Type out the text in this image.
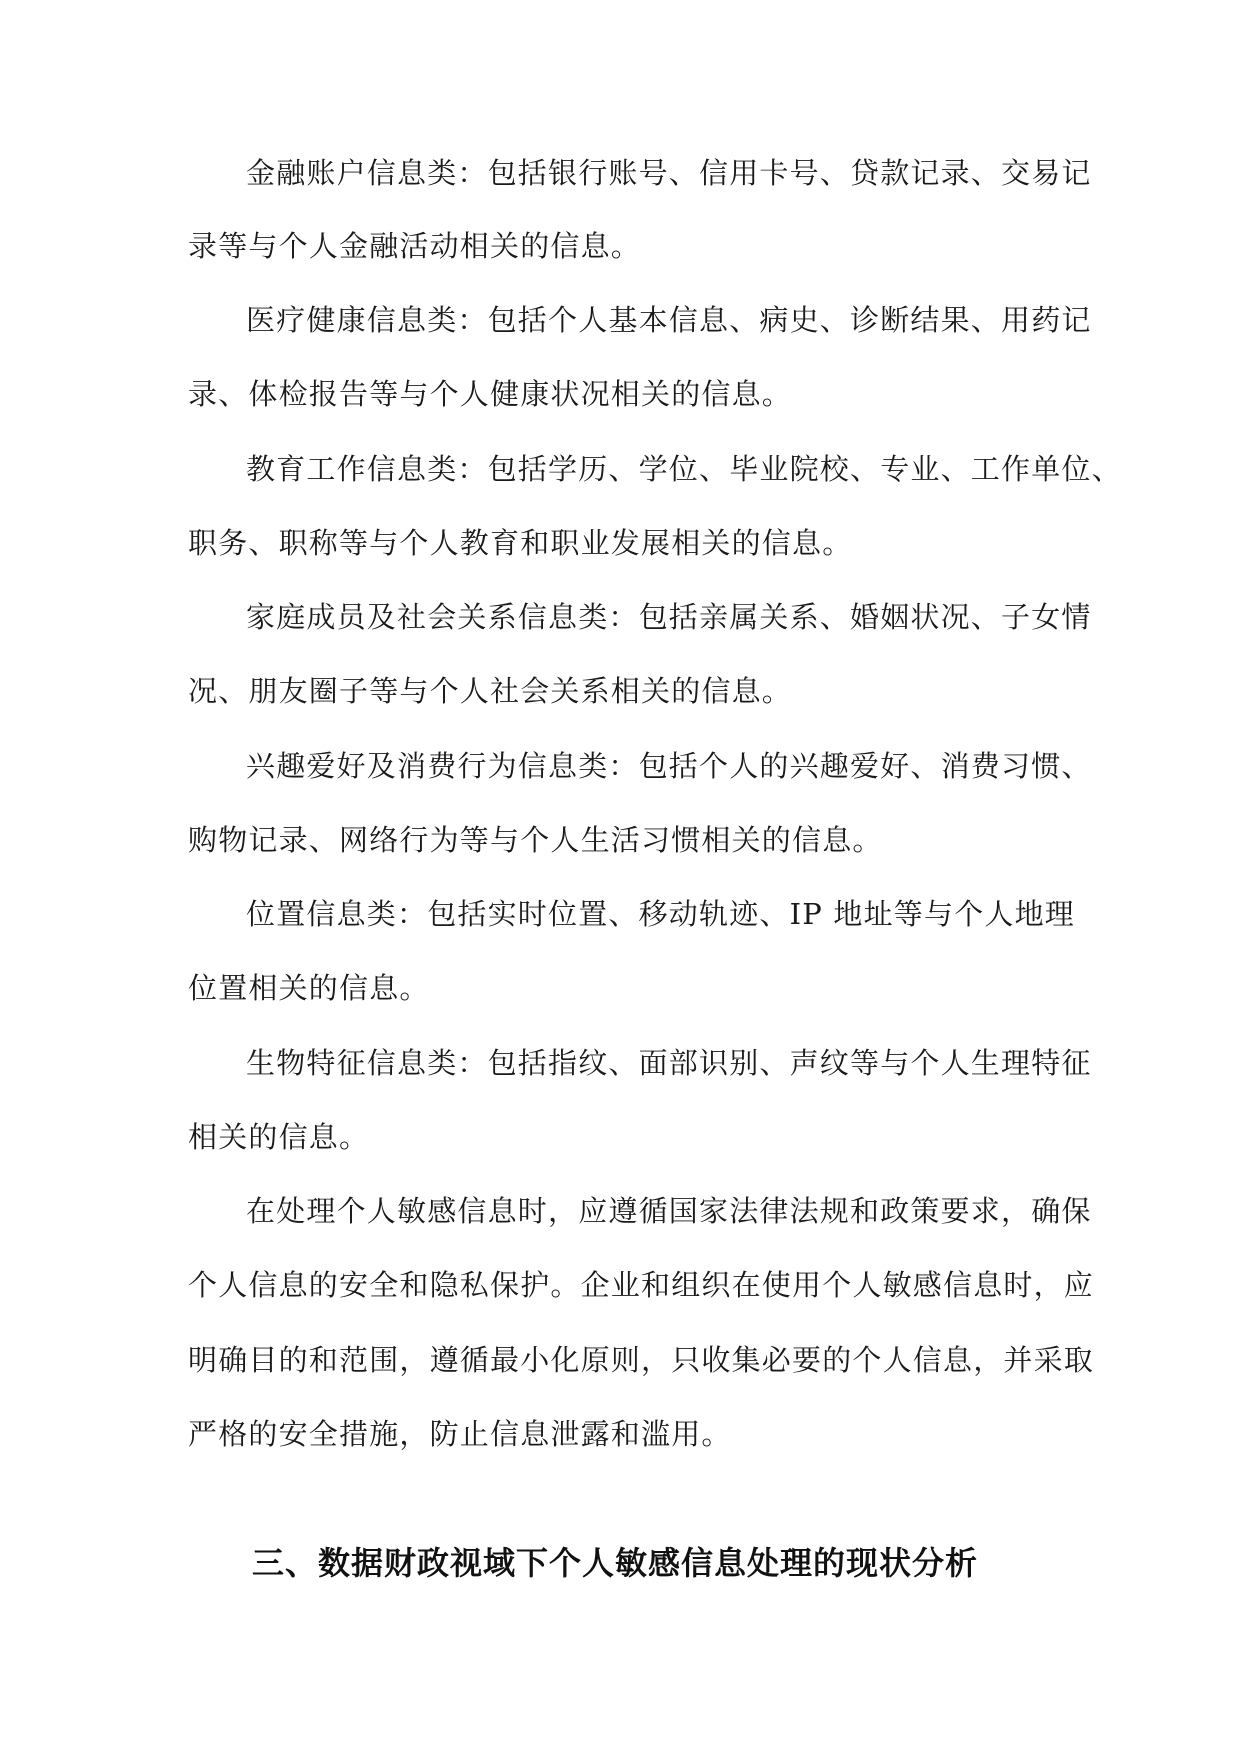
金融账户信息类：包括银行账号、信用卡号、贷款记录、交易记

录等与个人金融活动相关的信息。

医疗健康信息类：包括个人基本信息、病史、诊断结果、用药记

录、体检报告等与个人健康状况相关的信息。

教育工作信息类：包括学历、学位、毕业院校、专业、工作单位、

职务、职称等与个人教育和职业发展相关的信息。

家庭成员及社会关系信息类：包括亲属关系、婚姻状况、子女情

况、朋友圈子等与个人社会关系相关的信息。

兴趣爱好及消费行为信息类：包括个人的兴趣爱好、消费习惯、

购物记录、网络行为等与个人生活习惯相关的信息。

位置信息类：包括实时位置、移动轨迹、IP 地址等与个人地理

位置相关的信息。

生物特征信息类：包括指纹、面部识别、声纹等与个人生理特征

相关的信息。

在处理个人敏感信息时，应遵循国家法律法规和政策要求，确保

个人信息的安全和隐私保护。企业和组织在使用个人敏感信息时，应

明确目的和范围，遵循最小化原则，只收集必要的个人信息，并采取

严格的安全措施，防止信息泄露和滥用。

三、数据财政视域下个人敏感信息处理的现状分析
